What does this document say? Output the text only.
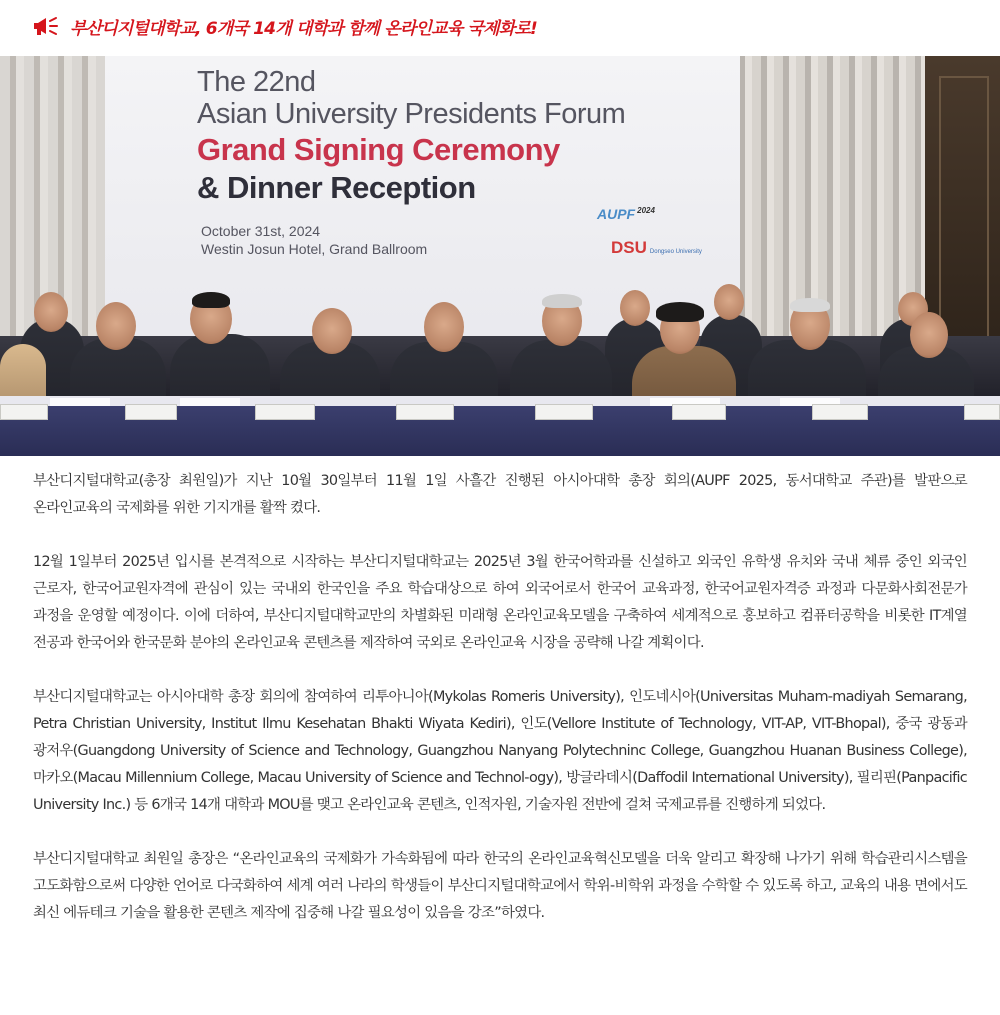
부산디지털대학교, 6개국 14개 대학과 함께 온라인교육 국제화로!
The 22nd
Asian University Presidents Forum
Grand Signing Ceremony
& Dinner Reception
October 31st, 2024
Westin Josun Hotel, Grand Ballroom
AUPF $^{2024}$
DSU Dongseo University

부산디지털대학교(총장 최원일)가 지난 10월 30일부터 11월 1일 사흘간 진행된 아시아대학 총장 회의(AUPF 2025, 동서대학교 주관)를 발판으로 온라인교육의 국제화를 위한 기지개를 활짝 켰다.

12월 1일부터 2025년 입시를 본격적으로 시작하는 부산디지털대학교는 2025년 3월 한국어학과를 신설하고 외국인 유학생 유치와 국내 체류 중인 외국인 근로자, 한국어교원자격에 관심이 있는 국내외 한국인을 주요 학습대상으로 하여 외국어로서 한국어 교육과정, 한국어교원자격증 과정과 다문화사회전문가 과정을 운영할 예정이다. 이에 더하여, 부산디지털대학교만의 차별화된 미래형 온라인교육모델을 구축하여 세계적으로 홍보하고 컴퓨터공학을 비롯한 IT계열 전공과 한국어와 한국문화 분야의 온라인교육 콘텐츠를 제작하여 국외로 온라인교육 시장을 공략해 나갈 계획이다.

부산디지털대학교는 아시아대학 총장 회의에 참여하여 리투아니아(Mykolas Romeris University), 인도네시아(Universitas Muham-madiyah Semarang, Petra Christian University, Institut Ilmu Kesehatan Bhakti Wiyata Kediri), 인도(Vellore Institute of Technology, VIT-AP, VIT-Bhopal), 중국 광동과 광저우(Guangdong University of Science and Technology, Guangzhou Nanyang Polytechninc College, Guangzhou Huanan Business College), 마카오(Macau Millennium College, Macau University of Science and Technol-ogy), 방글라데시(Daffodil International University), 필리핀(Panpacific University Inc.) 등 6개국 14개 대학과 MOU를 맺고 온라인교육 콘텐츠, 인적자원, 기술자원 전반에 걸쳐 국제교류를 진행하게 되었다.

부산디지털대학교 최원일 총장은 “온라인교육의 국제화가 가속화됨에 따라 한국의 온라인교육혁신모델을 더욱 알리고 확장해 나가기 위해 학습관리시스템을 고도화함으로써 다양한 언어로 다국화하여 세계 여러 나라의 학생들이 부산디지털대학교에서 학위-비학위 과정을 수학할 수 있도록 하고, 교육의 내용 면에서도 최신 에듀테크 기술을 활용한 콘텐츠 제작에 집중해 나갈 필요성이 있음을 강조”하였다.
